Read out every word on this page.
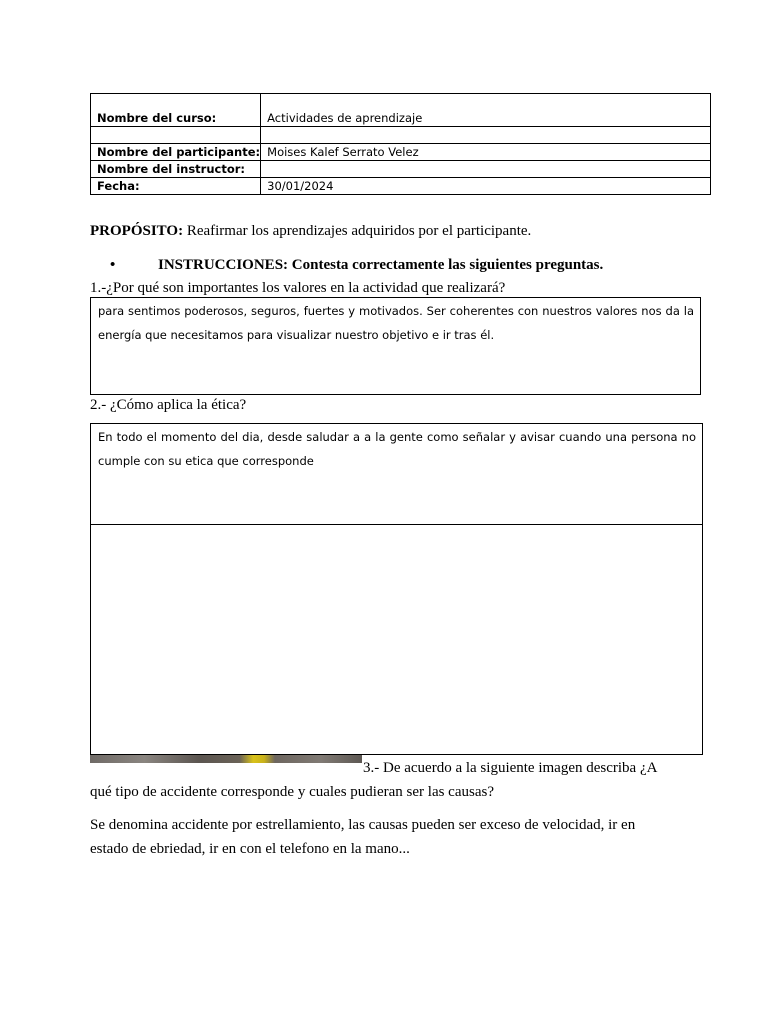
Nombre del curso:	Actividades de aprendizaje

Nombre del participante:	Moises Kalef Serrato Velez
Nombre del instructor:	
Fecha:	30/01/2024
PROPÓSITO: Reafirmar los aprendizajes adquiridos por el participante.
•	INSTRUCCIONES: Contesta correctamente las siguientes preguntas.
1.-¿Por qué son importantes los valores en la actividad que realizará?
para sentimos poderosos, seguros, fuertes y motivados. Ser coherentes con nuestros valores nos da la energía que necesitamos para visualizar nuestro objetivo e ir tras él.
2.- ¿Cómo aplica la ética?
En todo el momento del dia, desde saludar a a la gente como señalar y avisar cuando una persona no cumple con su etica que corresponde
3.- De acuerdo a la siguiente imagen describa ¿A
qué tipo de accidente corresponde y cuales pudieran ser las causas?
Se denomina accidente por estrellamiento, las causas pueden ser exceso de velocidad, ir en
estado de ebriedad, ir en con el telefono en la mano...
